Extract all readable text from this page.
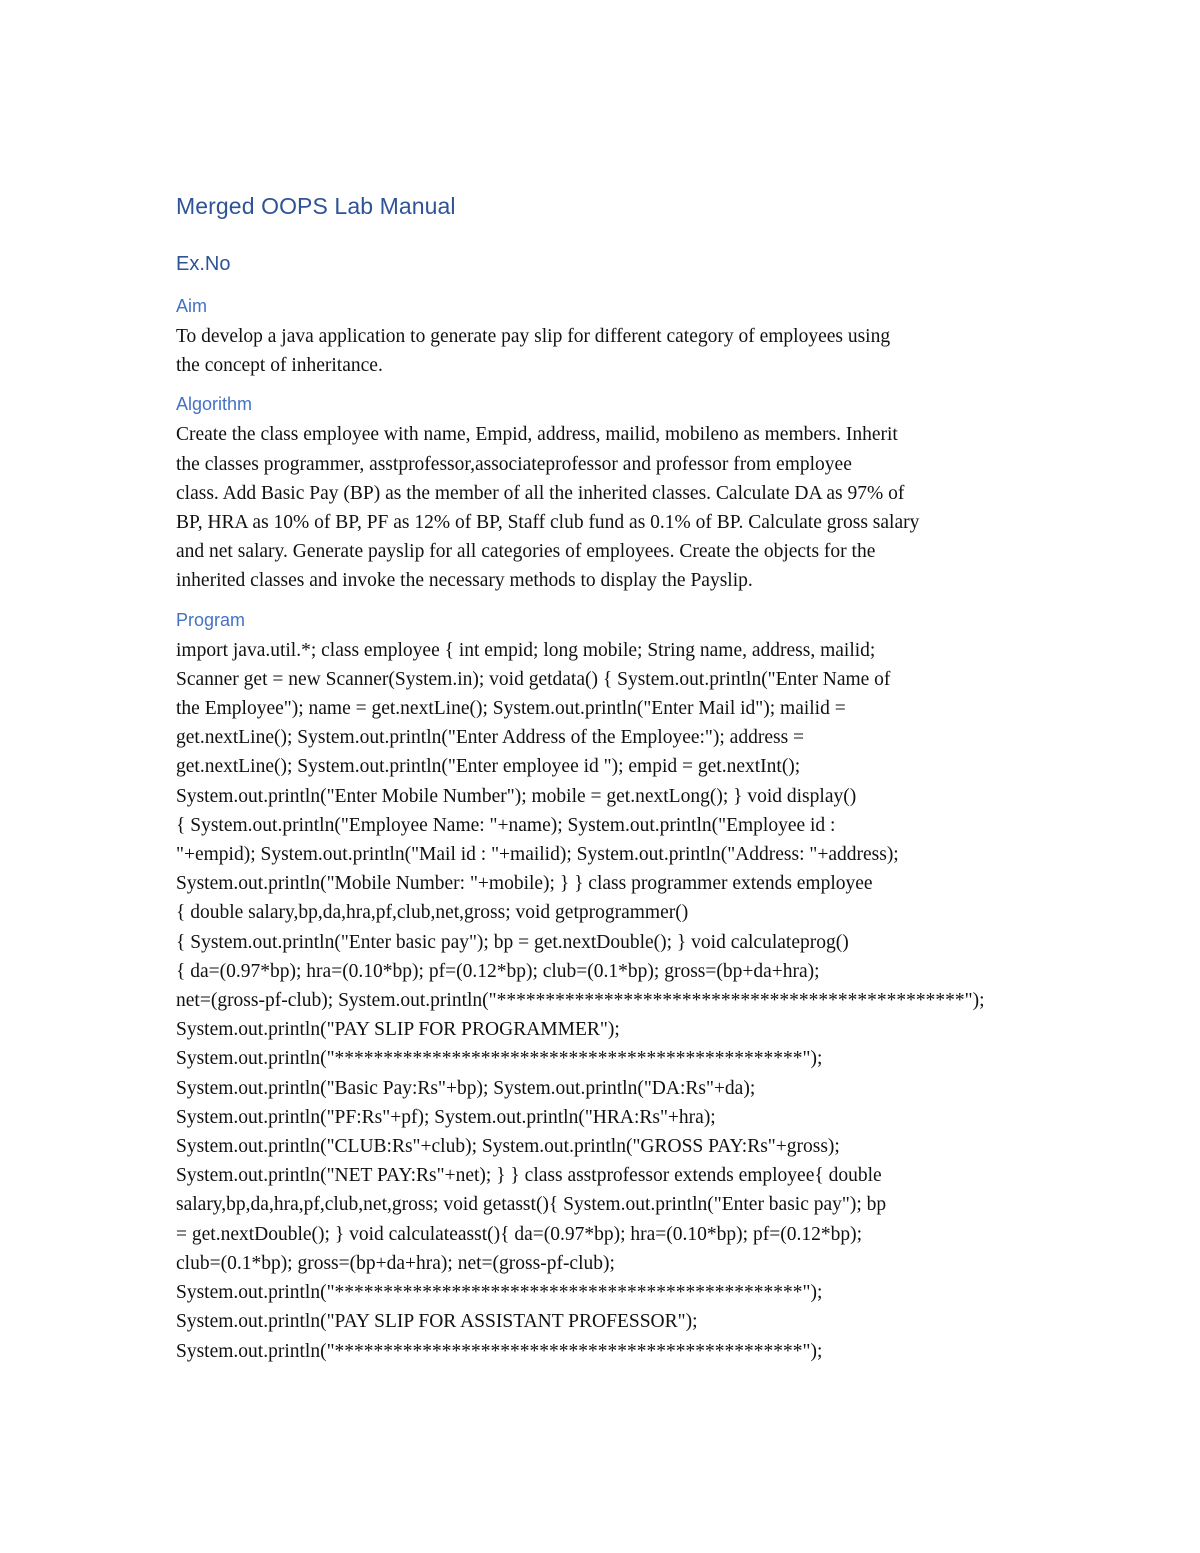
Merged OOPS Lab Manual
Ex.No
Aim
To develop a java application to generate pay slip for different category of employees using
the concept of inheritance.
Algorithm
Create the class employee with name, Empid, address, mailid, mobileno as members. Inherit
the classes programmer, asstprofessor,associateprofessor and professor from employee
class. Add Basic Pay (BP) as the member of all the inherited classes. Calculate DA as 97% of
BP, HRA as 10% of BP, PF as 12% of BP, Staff club fund as 0.1% of BP. Calculate gross salary
and net salary. Generate payslip for all categories of employees. Create the objects for the
inherited classes and invoke the necessary methods to display the Payslip.
Program
import java.util.*; class employee { int empid; long mobile; String name, address, mailid;
Scanner get = new Scanner(System.in); void getdata() { System.out.println("Enter Name of
the Employee"); name = get.nextLine(); System.out.println("Enter Mail id"); mailid =
get.nextLine(); System.out.println("Enter Address of the Employee:"); address =
get.nextLine(); System.out.println("Enter employee id "); empid = get.nextInt();
System.out.println("Enter Mobile Number"); mobile = get.nextLong(); } void display()
{ System.out.println("Employee Name: "+name); System.out.println("Employee id :
"+empid); System.out.println("Mail id : "+mailid); System.out.println("Address: "+address);
System.out.println("Mobile Number: "+mobile); } } class programmer extends employee
{ double salary,bp,da,hra,pf,club,net,gross; void getprogrammer()
{ System.out.println("Enter basic pay"); bp = get.nextDouble(); } void calculateprog()
{ da=(0.97*bp); hra=(0.10*bp); pf=(0.12*bp); club=(0.1*bp); gross=(bp+da+hra);
net=(gross-pf-club); System.out.println("************************************************");
System.out.println("PAY SLIP FOR PROGRAMMER");
System.out.println("************************************************");
System.out.println("Basic Pay:Rs"+bp); System.out.println("DA:Rs"+da);
System.out.println("PF:Rs"+pf); System.out.println("HRA:Rs"+hra);
System.out.println("CLUB:Rs"+club); System.out.println("GROSS PAY:Rs"+gross);
System.out.println("NET PAY:Rs"+net); } } class asstprofessor extends employee{ double
salary,bp,da,hra,pf,club,net,gross; void getasst(){ System.out.println("Enter basic pay"); bp
= get.nextDouble(); } void calculateasst(){ da=(0.97*bp); hra=(0.10*bp); pf=(0.12*bp);
club=(0.1*bp); gross=(bp+da+hra); net=(gross-pf-club);
System.out.println("************************************************");
System.out.println("PAY SLIP FOR ASSISTANT PROFESSOR");
System.out.println("************************************************");
